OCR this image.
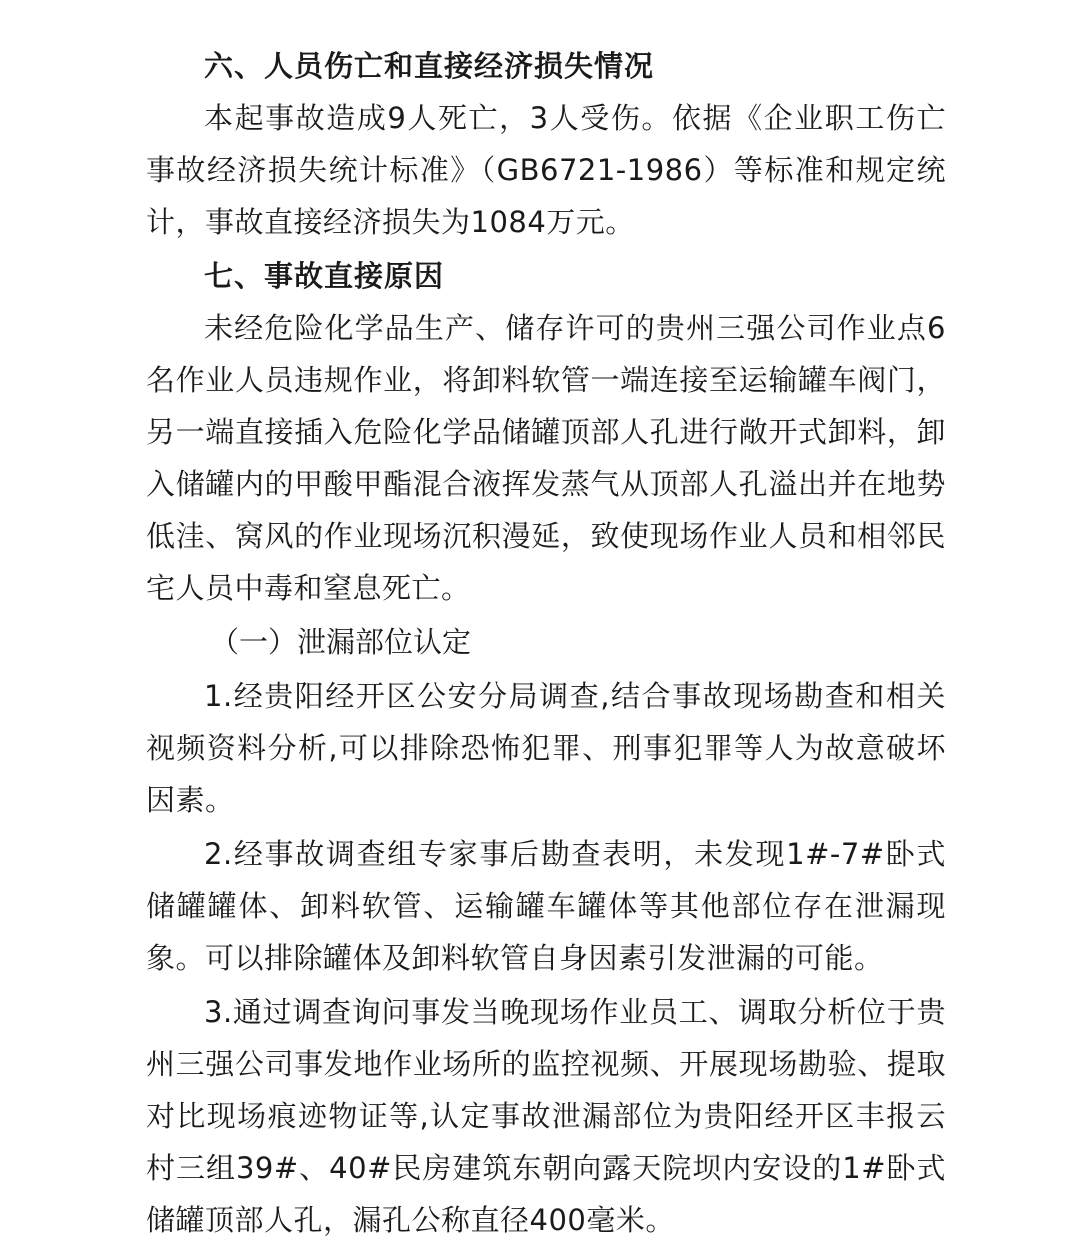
六、人员伤亡和直接经济损失情况
本起事故造成9人死亡，3人受伤。依据《企业职工伤亡事故经济损失统计标准》（GB6721-1986）等标准和规定统计，事故直接经济损失为1084万元。
七、事故直接原因
未经危险化学品生产、储存许可的贵州三强公司作业点6名作业人员违规作业，将卸料软管一端连接至运输罐车阀门，另一端直接插入危险化学品储罐顶部人孔进行敞开式卸料，卸入储罐内的甲酸甲酯混合液挥发蒸气从顶部人孔溢出并在地势低洼、窝风的作业现场沉积漫延，致使现场作业人员和相邻民宅人员中毒和窒息死亡。
（一）泄漏部位认定
1.经贵阳经开区公安分局调查,结合事故现场勘查和相关视频资料分析,可以排除恐怖犯罪、刑事犯罪等人为故意破坏因素。
2.经事故调查组专家事后勘查表明，未发现1#-7#卧式储罐罐体、卸料软管、运输罐车罐体等其他部位存在泄漏现象。可以排除罐体及卸料软管自身因素引发泄漏的可能。
3.通过调查询问事发当晚现场作业员工、调取分析位于贵州三强公司事发地作业场所的监控视频、开展现场勘验、提取对比现场痕迹物证等,认定事故泄漏部位为贵阳经开区丰报云村三组39#、40#民房建筑东朝向露天院坝内安设的1#卧式储罐顶部人孔，漏孔公称直径400毫米。
